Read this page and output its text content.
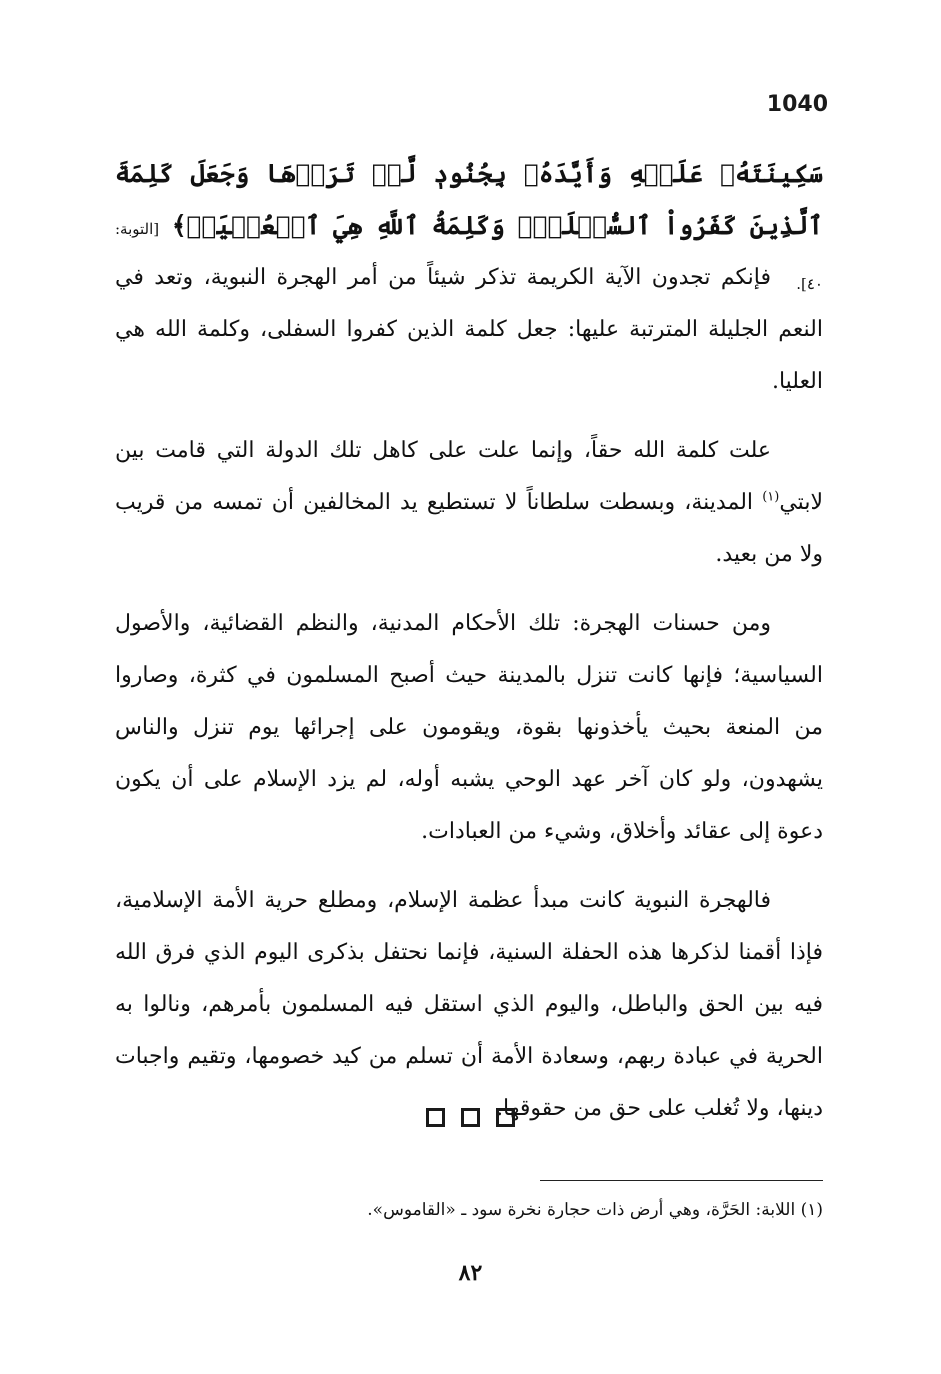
1040
سَكِينَتَهُۥ عَلَيۡهِ وَأَيَّدَهُۥ بِجُنُودٖ لَّمۡ تَرَوۡهَا وَجَعَلَ كَلِمَةَ ٱلَّذِينَ كَفَرُواْ ٱلسُّفۡلَىٰۗ وَكَلِمَةُ ٱللَّهِ هِيَ ٱلۡعُلۡيَاۗ﴾ [التوبة: ٤٠].

فإنكم تجدون الآية الكريمة تذكر شيئاً من أمر الهجرة النبوية، وتعد في النعم الجليلة المترتبة عليها: جعل كلمة الذين كفروا السفلى، وكلمة الله هي العليا.

علت كلمة الله حقاً، وإنما علت على كاهل تلك الدولة التي قامت بين لابتي$^{(١)}$ المدينة، وبسطت سلطاناً لا تستطيع يد المخالفين أن تمسه من قريب ولا من بعيد.

ومن حسنات الهجرة: تلك الأحكام المدنية، والنظم القضائية، والأصول السياسية؛ فإنها كانت تنزل بالمدينة حيث أصبح المسلمون في كثرة، وصاروا من المنعة بحيث يأخذونها بقوة، ويقومون على إجرائها يوم تنزل والناس يشهدون، ولو كان آخر عهد الوحي يشبه أوله، لم يزد الإسلام على أن يكون دعوة إلى عقائد وأخلاق، وشيء من العبادات.

فالهجرة النبوية كانت مبدأ عظمة الإسلام، ومطلع حرية الأمة الإسلامية، فإذا أقمنا لذكرها هذه الحفلة السنية، فإنما نحتفل بذكرى اليوم الذي فرق الله فيه بين الحق والباطل، واليوم الذي استقل فيه المسلمون بأمرهم، ونالوا به الحرية في عبادة ربهم، وسعادة الأمة أن تسلم من كيد خصومها، وتقيم واجبات دينها، ولا تُغلب على حق من حقوقها.

(١) اللابة: الحَرَّة، وهي أرض ذات حجارة نخرة سود ـ «القاموس».
٨٢
